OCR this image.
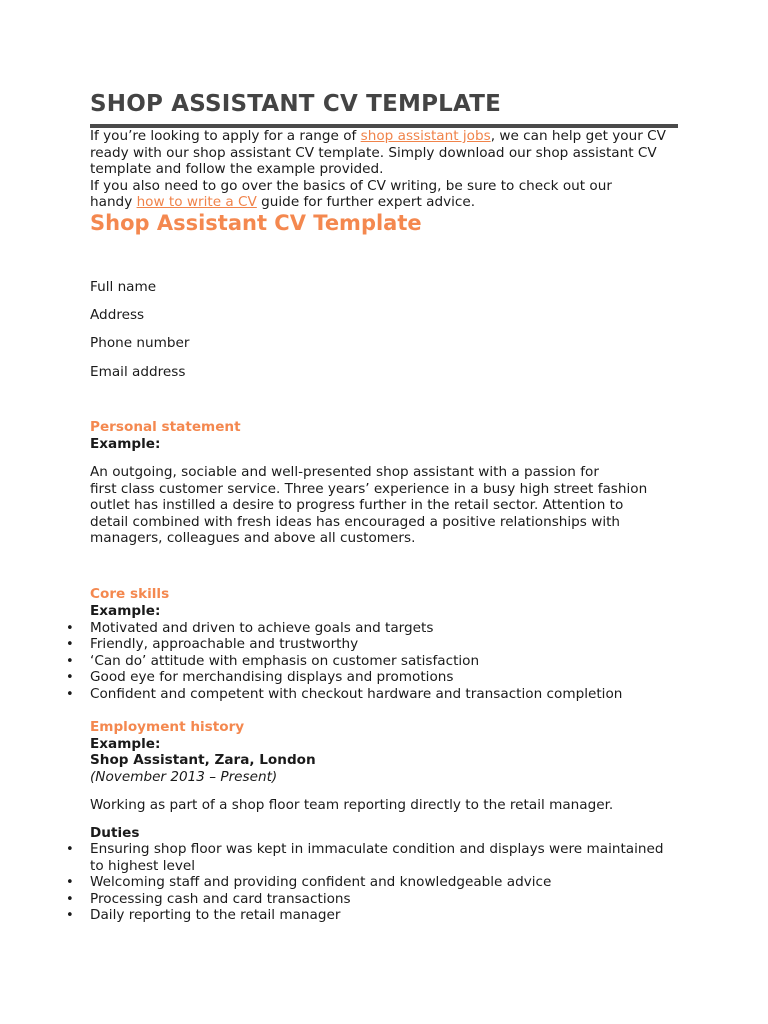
SHOP ASSISTANT CV TEMPLATE
If you’re looking to apply for a range of shop assistant jobs, we can help get your CV
ready with our shop assistant CV template. Simply download our shop assistant CV
template and follow the example provided.
If you also need to go over the basics of CV writing, be sure to check out our
handy how to write a CV guide for further expert advice.
Shop Assistant CV Template
Full name
Address
Phone number
Email address
Personal statement
Example:
An outgoing, sociable and well-presented shop assistant with a passion for
first class customer service. Three years’ experience in a busy high street fashion
outlet has instilled a desire to progress further in the retail sector. Attention to
detail combined with fresh ideas has encouraged a positive relationships with
managers, colleagues and above all customers.
Core skills
Example:
• Motivated and driven to achieve goals and targets
• Friendly, approachable and trustworthy
• ‘Can do’ attitude with emphasis on customer satisfaction
• Good eye for merchandising displays and promotions
• Confident and competent with checkout hardware and transaction completion
Employment history
Example:
Shop Assistant, Zara, London
(November 2013 – Present)
Working as part of a shop floor team reporting directly to the retail manager.
Duties
• Ensuring shop floor was kept in immaculate condition and displays were maintained
to highest level
• Welcoming staff and providing confident and knowledgeable advice
• Processing cash and card transactions
• Daily reporting to the retail manager
